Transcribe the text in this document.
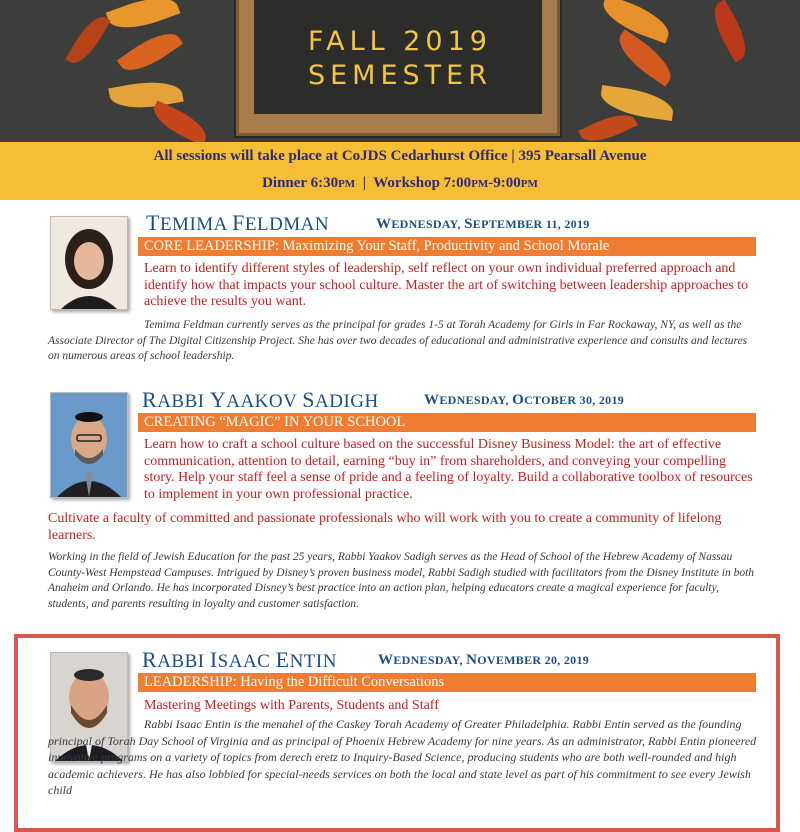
FALL 2019
SEMESTER
All sessions will take place at CoJDS Cedarhurst Office | 395 Pearsall Avenue
Dinner 6:30PM  |  Workshop 7:00PM-9:00PM
TEMIMA FELDMAN	WEDNESDAY, SEPTEMBER 11, 2019
CORE LEADERSHIP: Maximizing Your Staff, Productivity and School Morale
Learn to identify different styles of leadership, self reflect on your own individual preferred approach and identify how that impacts your school culture. Master the art of switching between leadership approaches to achieve the results you want.
Temima Feldman currently serves as the principal for grades 1-5 at Torah Academy for Girls in Far Rockaway, NY, as well as the Associate Director of The Digital Citizenship Project. She has over two decades of educational and administrative experience and consults and lectures on numerous areas of school leadership.
RABBI YAAKOV SADIGH	WEDNESDAY, OCTOBER 30, 2019
CREATING “MAGIC” IN YOUR SCHOOL
Learn how to craft a school culture based on the successful Disney Business Model: the art of effective communication, attention to detail, earning “buy in” from shareholders, and conveying your compelling story. Help your staff feel a sense of pride and a feeling of loyalty. Build a collaborative toolbox of resources to implement in your own professional practice.
Cultivate a faculty of committed and passionate professionals who will work with you to create a community of lifelong learners.
Working in the field of Jewish Education for the past 25 years, Rabbi Yaakov Sadigh serves as the Head of School of the Hebrew Academy of Nassau County-West Hempstead Campuses. Intrigued by Disney’s proven business model, Rabbi Sadigh studied with facilitators from the Disney Institute in both Anaheim and Orlando. He has incorporated Disney’s best practice into an action plan, helping educators create a magical experience for faculty, students, and parents resulting in loyalty and customer satisfaction.
RABBI ISAAC ENTIN	WEDNESDAY, NOVEMBER 20, 2019
LEADERSHIP: Having the Difficult Conversations
Mastering Meetings with Parents, Students and Staff
Rabbi Isaac Entin is the menahel of the Caskey Torah Academy of Greater Philadelphia. Rabbi Entin served as the founding principal of Torah Day School of Virginia and as principal of Phoenix Hebrew Academy for nine years. As an administrator, Rabbi Entin pioneered innovative programs on a variety of topics from derech eretz to Inquiry-Based Science, producing students who are both well-rounded and high academic achievers. He has also lobbied for special-needs services on both the local and state level as part of his commitment to see every Jewish child
